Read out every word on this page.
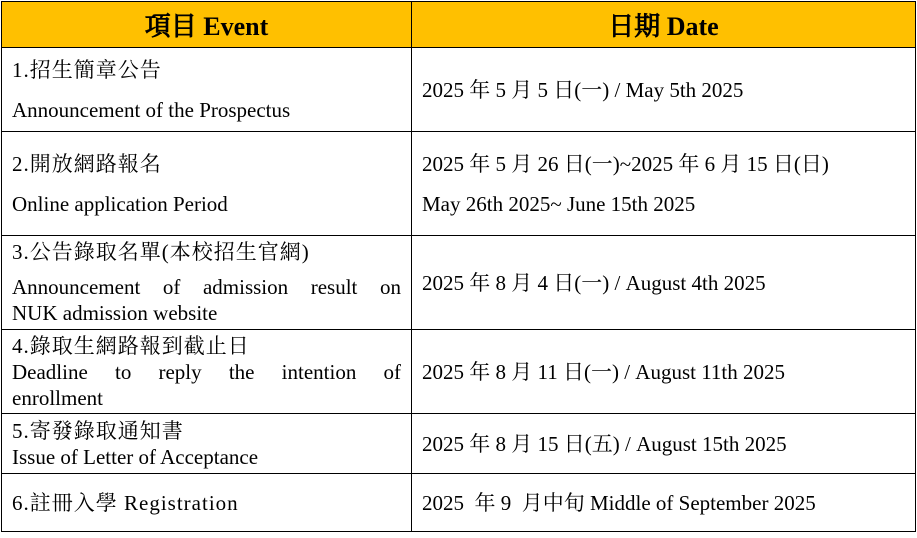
項目 Event	日期 Date

1.招生簡章公告
Announcement of the Prospectus	2025 年 5 月 5 日(一) / May 5th 2025

2.開放網路報名
Online application Period	2025 年 5 月 26 日(一)~2025 年 6 月 15 日(日)
May 26th 2025~ June 15th 2025

3.公告錄取名單(本校招生官網)
Announcement of admission result on
NUK admission website	2025 年 8 月 4 日(一) / August 4th 2025

4.錄取生網路報到截止日
Deadline to reply the intention of
enrollment	2025 年 8 月 11 日(一) / August 11th 2025

5.寄發錄取通知書
Issue of Letter of Acceptance	2025 年 8 月 15 日(五) / August 15th 2025

6.註冊入學 Registration	2025  年 9  月中旬 Middle of September 2025
